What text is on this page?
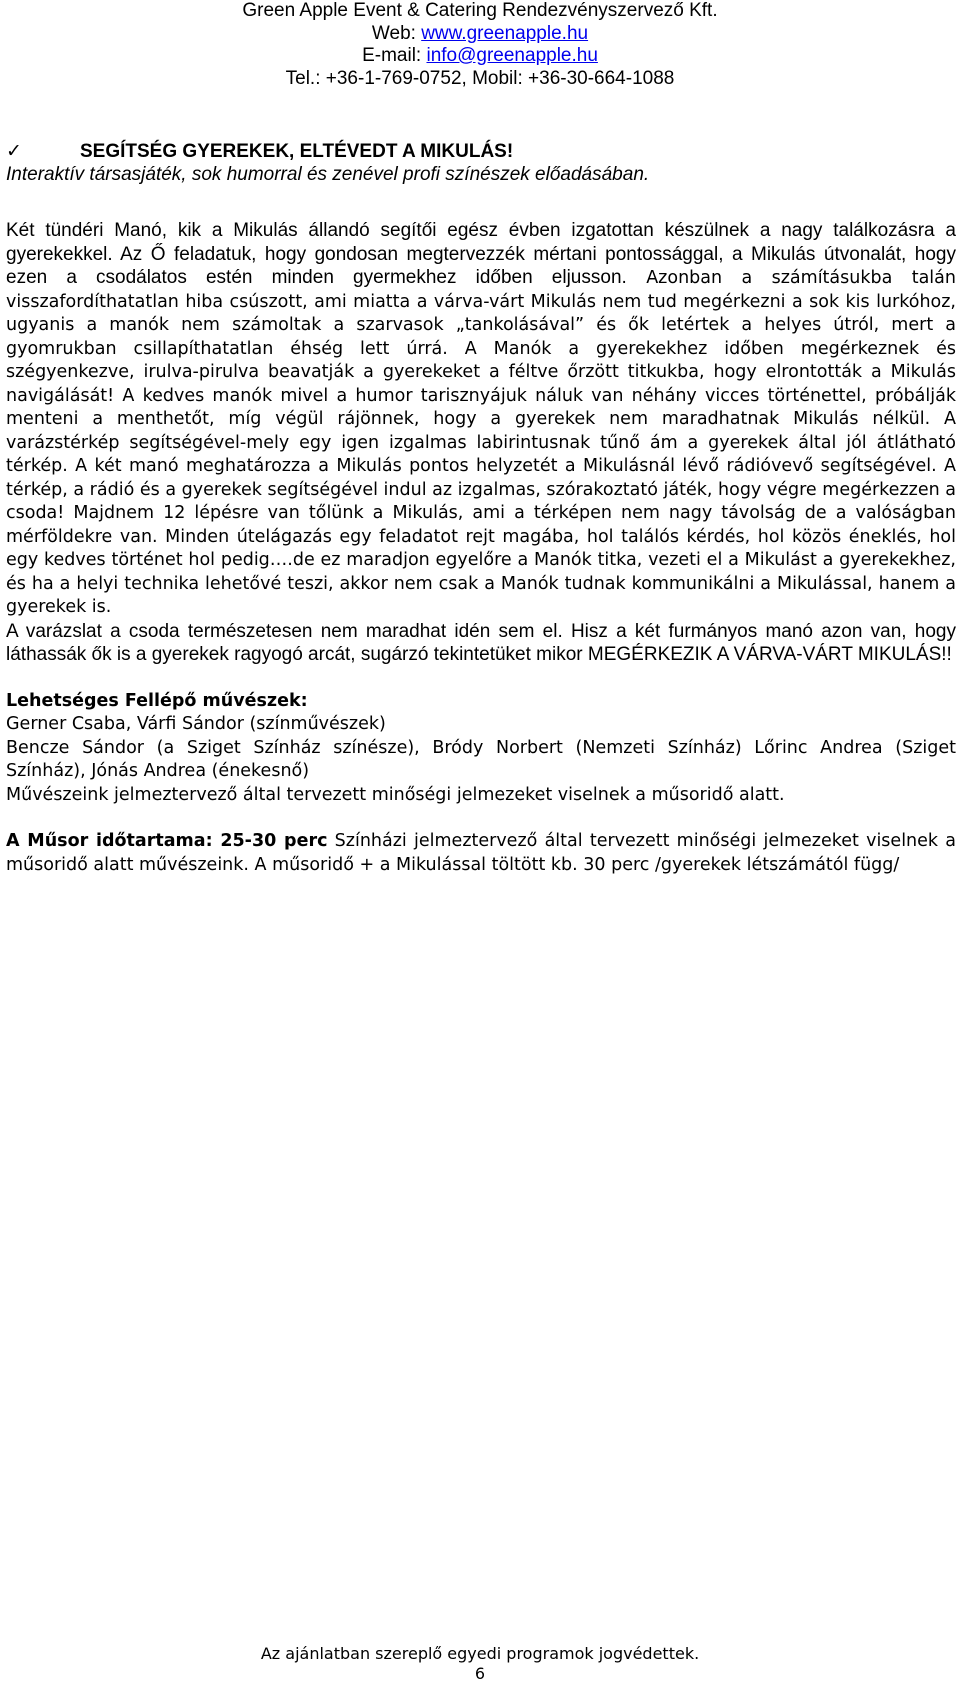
Green Apple Event & Catering Rendezvényszervező Kft.
Web: www.greenapple.hu
E-mail: info@greenapple.hu
Tel.: +36-1-769-0752, Mobil: +36-30-664-1088
✓	SEGÍTSÉG GYEREKEK, ELTÉVEDT A MIKULÁS!
Interaktív társasjáték, sok humorral és zenével profi színészek előadásában.

Két tündéri Manó, kik a Mikulás állandó segítői egész évben izgatottan készülnek a nagy találkozásra a gyerekekkel. Az Ő feladatuk, hogy gondosan megtervezzék mértani pontossággal, a Mikulás útvonalát, hogy ezen a csodálatos estén minden gyermekhez időben eljusson. Azonban a számításukba talán visszafordíthatatlan hiba csúszott, ami miatta a várva-várt Mikulás nem tud megérkezni a sok kis lurkóhoz, ugyanis a manók nem számoltak a szarvasok „tankolásával” és ők letértek a helyes útról, mert a gyomrukban csillapíthatatlan éhség lett úrrá. A Manók a gyerekekhez időben megérkeznek és szégyenkezve, irulva-pirulva beavatják a gyerekeket a féltve őrzött titkukba, hogy elrontották a Mikulás navigálását! A kedves manók mivel a humor tarisznyájuk náluk van néhány vicces történettel, próbálják menteni a menthetőt, míg végül rájönnek, hogy a gyerekek nem maradhatnak Mikulás nélkül. A varázstérkép segítségével-mely egy igen izgalmas labirintusnak tűnő ám a gyerekek által jól átlátható térkép. A két manó meghatározza a Mikulás pontos helyzetét a Mikulásnál lévő rádióvevő segítségével. A térkép, a rádió és a gyerekek segítségével indul az izgalmas, szórakoztató játék, hogy végre megérkezzen a csoda! Majdnem 12 lépésre van tőlünk a Mikulás, ami a térképen nem nagy távolság de a valóságban mérföldekre van. Minden útelágazás egy feladatot rejt magába, hol találós kérdés, hol közös éneklés, hol egy kedves történet hol pedig….de ez maradjon egyelőre a Manók titka, vezeti el a Mikulást a gyerekekhez, és ha a helyi technika lehetővé teszi, akkor nem csak a Manók tudnak kommunikálni a Mikulással, hanem a gyerekek is.

A varázslat a csoda természetesen nem maradhat idén sem el. Hisz a két furmányos manó azon van, hogy láthassák ők is a gyerekek ragyogó arcát, sugárzó tekintetüket mikor MEGÉRKEZIK A VÁRVA-VÁRT MIKULÁS!!

Lehetséges Fellépő művészek:

Gerner Csaba, Várfi Sándor (színművészek)

Bencze Sándor (a Sziget Színház színésze), Bródy Norbert (Nemzeti Színház) Lőrinc Andrea (Sziget Színház), Jónás Andrea (énekesnő)

Művészeink jelmeztervező által tervezett minőségi jelmezeket viselnek a műsoridő alatt.

A Műsor időtartama: 25-30 perc Színházi jelmeztervező által tervezett minőségi jelmezeket viselnek a műsoridő alatt művészeink. A műsoridő + a Mikulással töltött kb. 30 perc /gyerekek létszámától függ/

Az ajánlatban szereplő egyedi programok jogvédettek.
6
